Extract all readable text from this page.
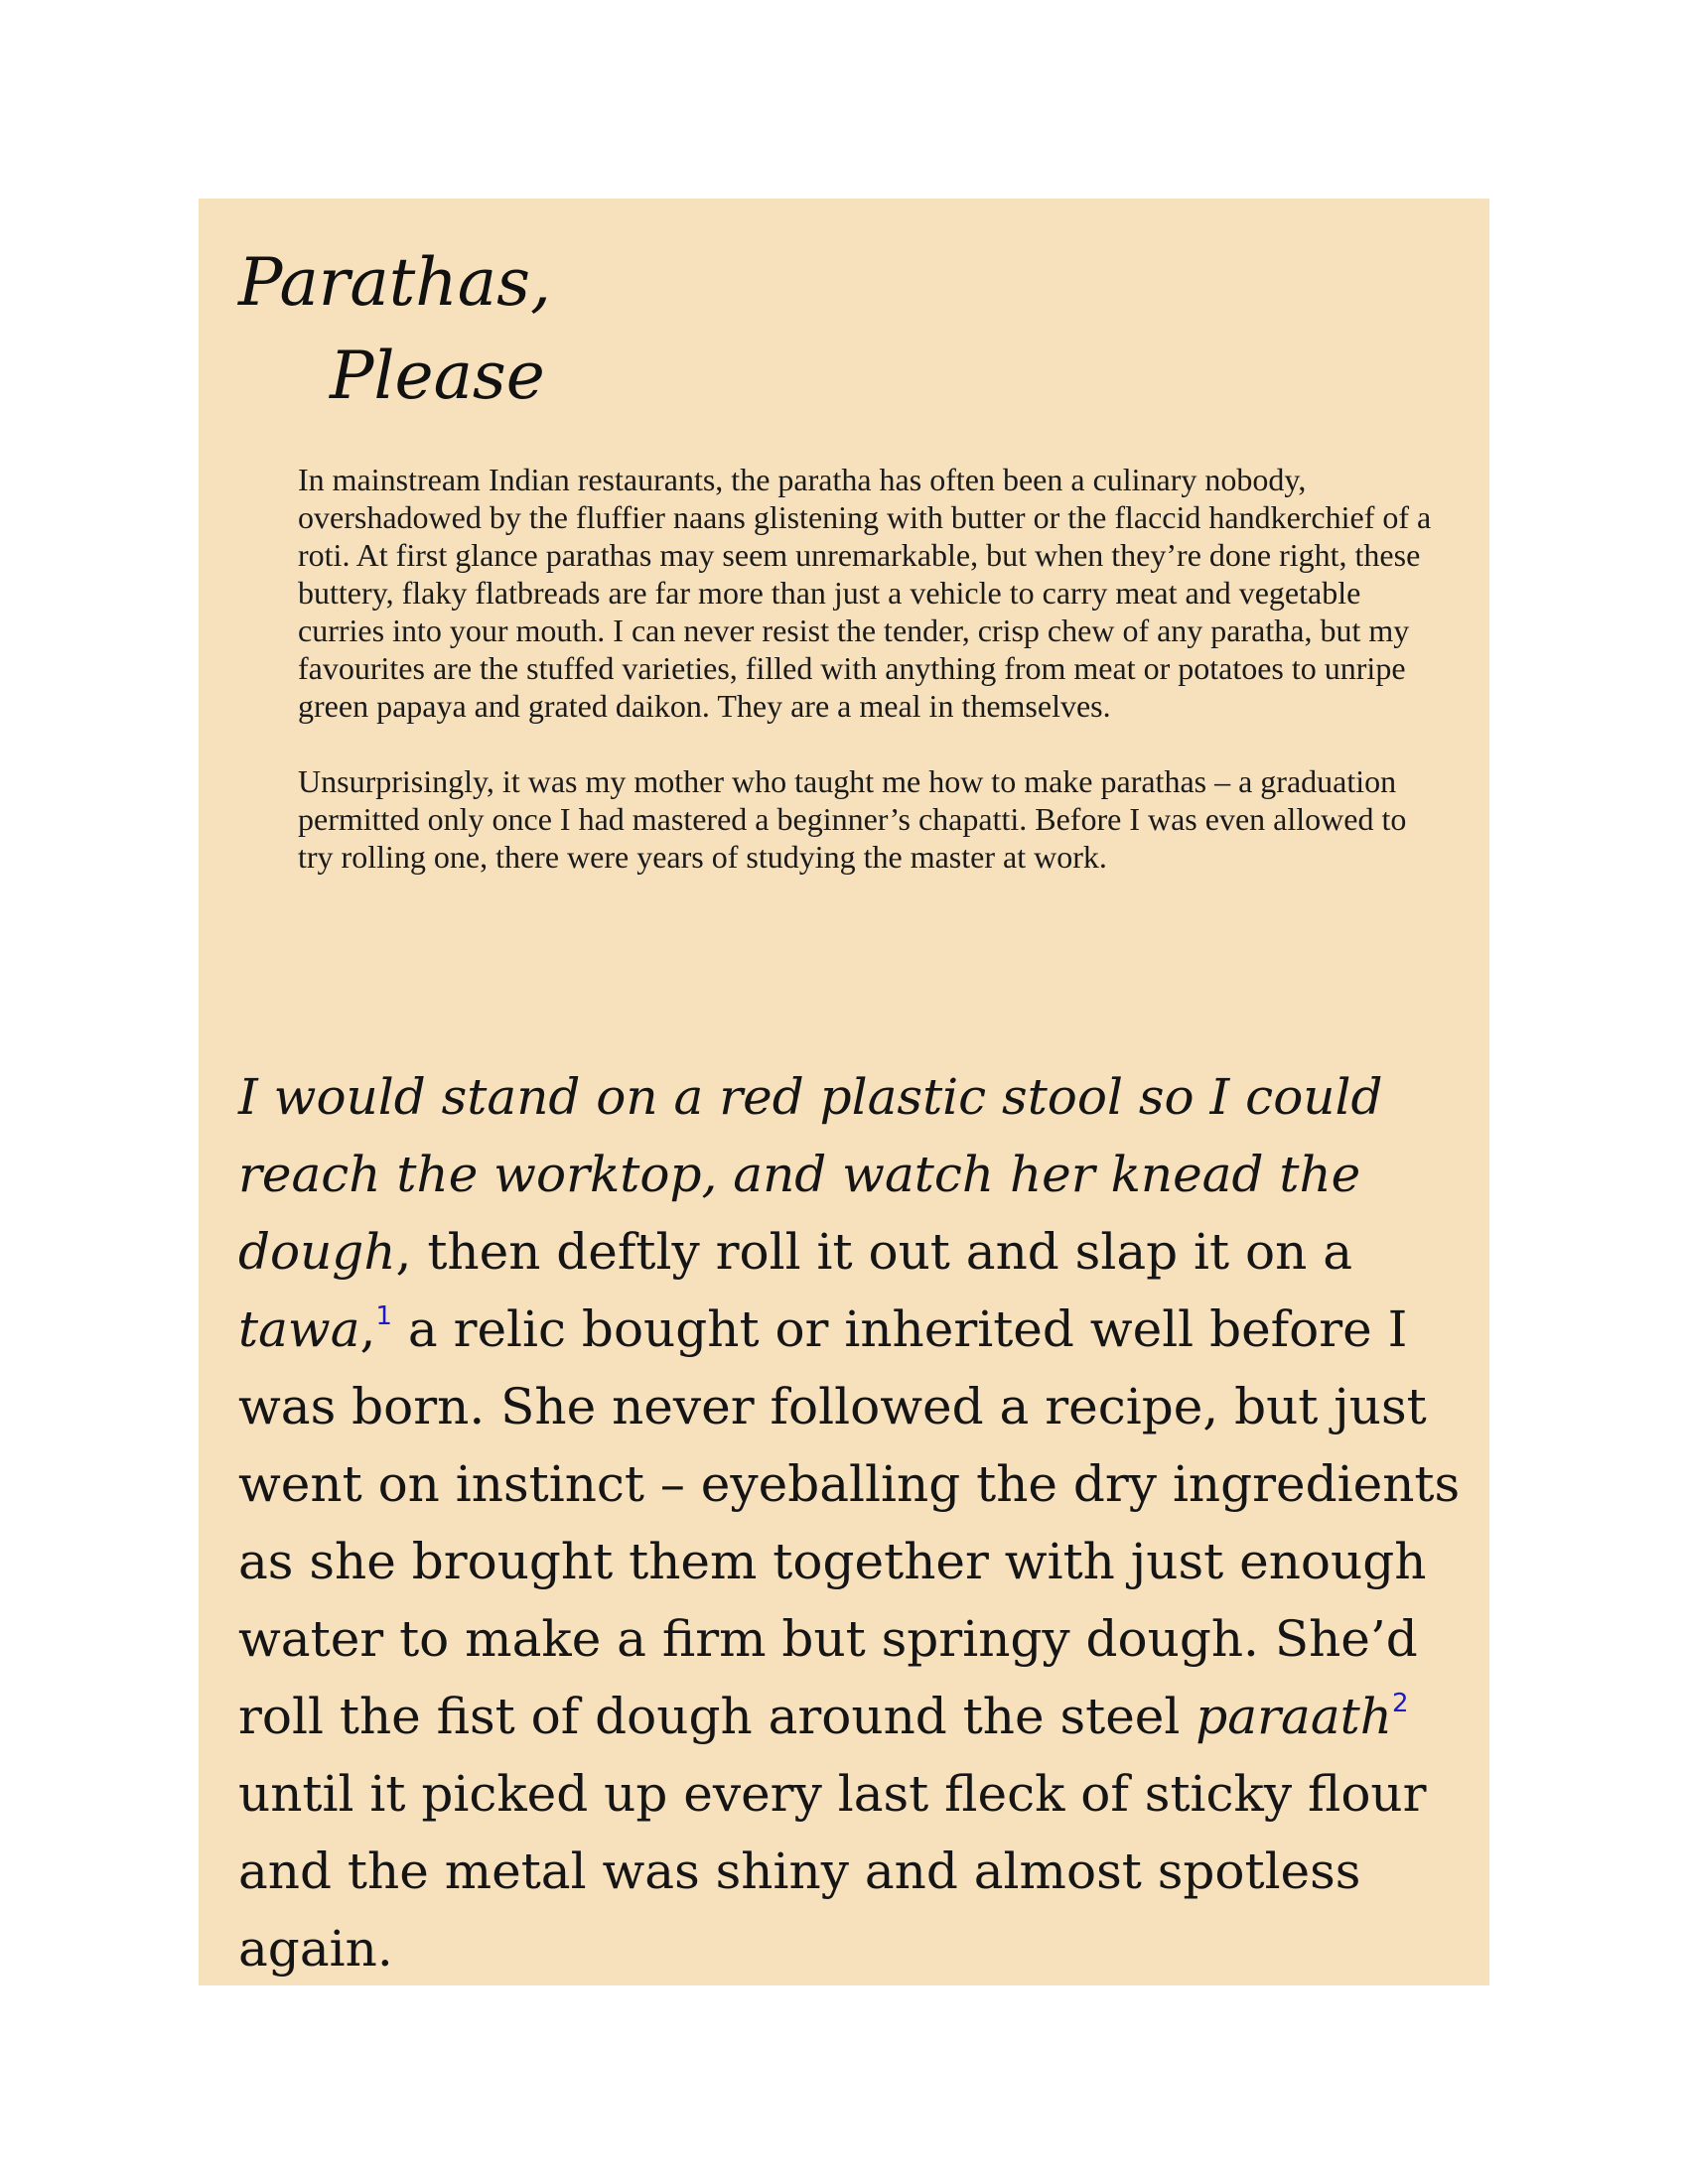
Parathas,
Please

In mainstream Indian restaurants, the paratha has often been a culinary nobody, overshadowed by the fluffier naans glistening with butter or the flaccid handkerchief of a roti. At first glance parathas may seem unremarkable, but when they’re done right, these buttery, flaky flatbreads are far more than just a vehicle to carry meat and vegetable curries into your mouth. I can never resist the tender, crisp chew of any paratha, but my favourites are the stuffed varieties, filled with anything from meat or potatoes to unripe green papaya and grated daikon. They are a meal in themselves.

Unsurprisingly, it was my mother who taught me how to make parathas – a graduation permitted only once I had mastered a beginner’s chapatti. Before I was even allowed to try rolling one, there were years of studying the master at work.

I would stand on a red plastic stool so I could reach the worktop, and watch her knead the dough, then deftly roll it out and slap it on a tawa,$^1$ a relic bought or inherited well before I was born. She never followed a recipe, but just went on instinct – eyeballing the dry ingredients as she brought them together with just enough water to make a firm but springy dough. She’d roll the fist of dough around the steel paraath$^2$ until it picked up every last fleck of sticky flour and the metal was shiny and almost spotless again.
